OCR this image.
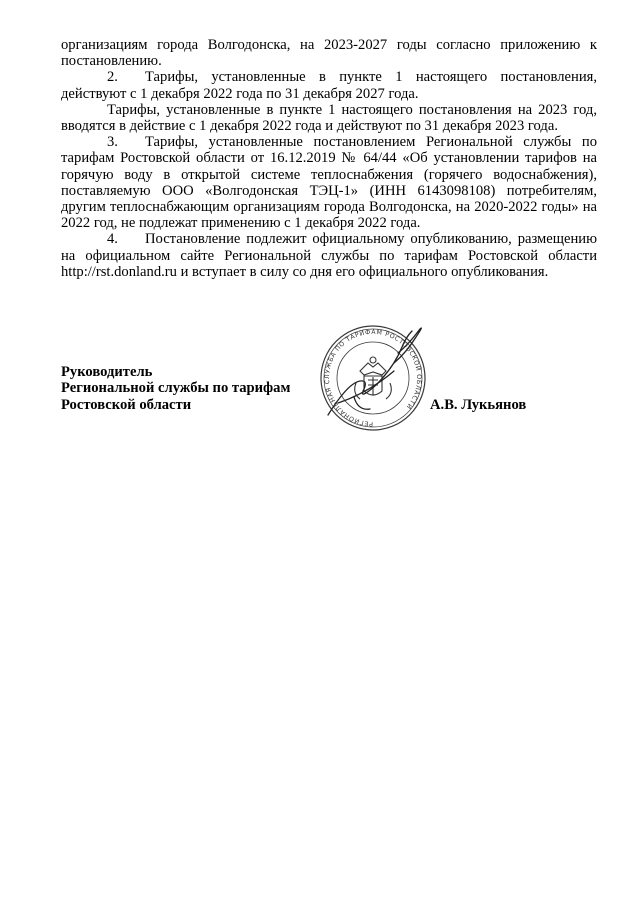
организациям города Волгодонска, на 2023-2027 годы согласно приложению к постановлению.

2. Тарифы, установленные в пункте 1 настоящего постановления, действуют с 1 декабря 2022 года по 31 декабря 2027 года.

Тарифы, установленные в пункте 1 настоящего постановления на 2023 год, вводятся в действие с 1 декабря 2022 года и действуют по 31 декабря 2023 года.

3. Тарифы, установленные постановлением Региональной службы по тарифам Ростовской области от 16.12.2019 № 64/44 «Об установлении тарифов на горячую воду в открытой системе теплоснабжения (горячего водоснабжения), поставляемую ООО «Волгодонская ТЭЦ-1» (ИНН 6143098108) потребителям, другим теплоснабжающим организациям города Волгодонска, на 2020-2022 годы» на 2022 год, не подлежат применению с 1 декабря 2022 года.

4. Постановление подлежит официальному опубликованию, размещению на официальном сайте Региональной службы по тарифам Ростовской области http://rst.donland.ru и вступает в силу со дня его официального опубликования.

Руководитель
Региональной службы по тарифам
Ростовской области	А.В. Лукьянов
РЕГИОНАЛЬНАЯ СЛУЖБА ПО ТАРИФАМ РОСТОВСКОЙ ОБЛАСТИ
